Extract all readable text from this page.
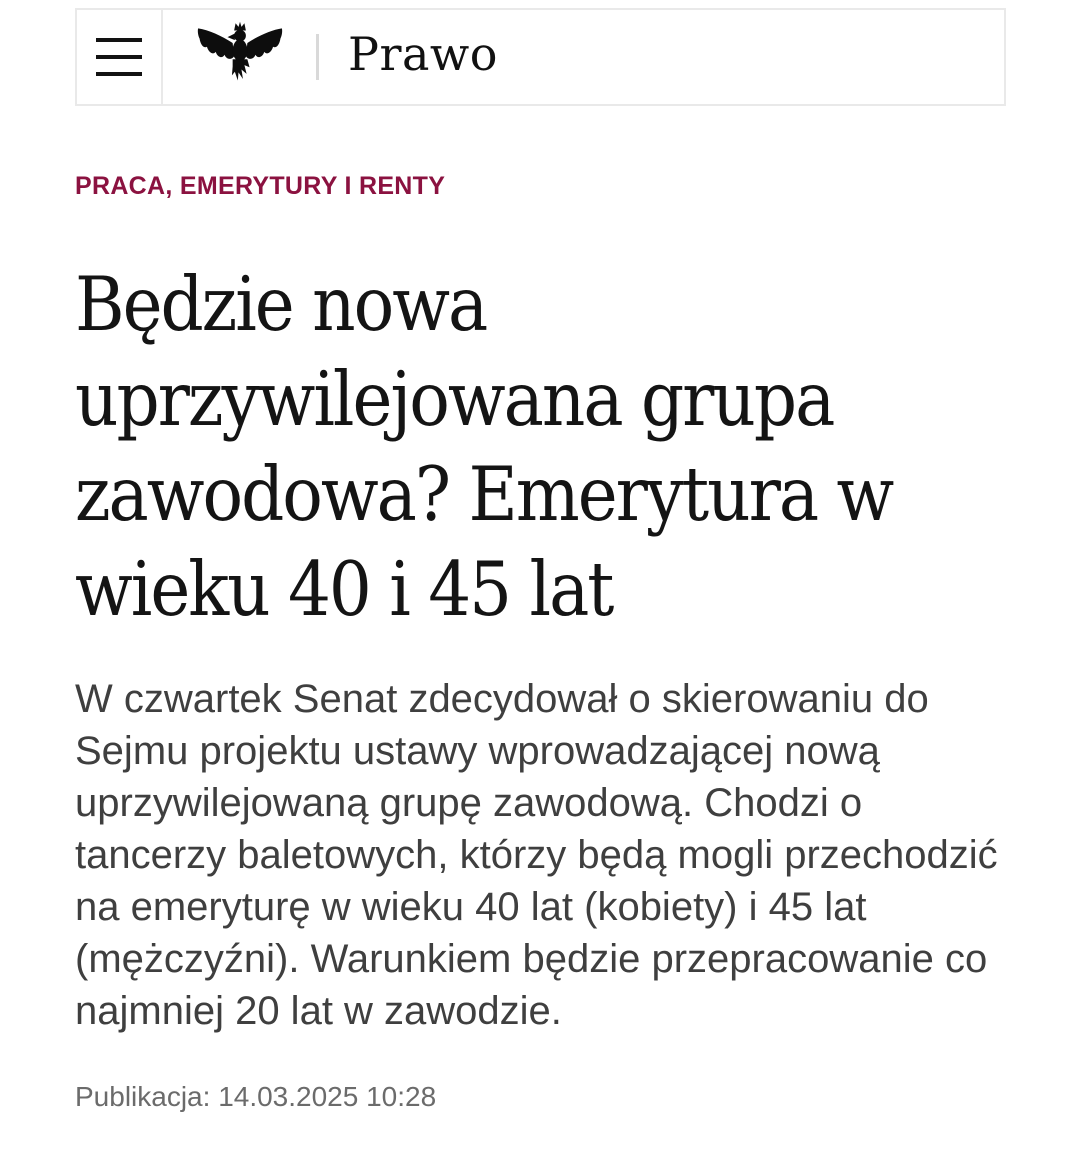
Prawo
PRACA, EMERYTURY I RENTY
Będzie nowa
uprzywilejowana grupa
zawodowa? Emerytura w
wieku 40 i 45 lat

W czwartek Senat zdecydował o skierowaniu do Sejmu projektu ustawy wprowadzającej nową uprzywilejowaną grupę zawodową. Chodzi o tancerzy baletowych, którzy będą mogli przechodzić na emeryturę w wieku 40 lat (kobiety) i 45 lat (mężczyźni). Warunkiem będzie przepracowanie co najmniej 20 lat w zawodzie.

Publikacja: 14.03.2025 10:28
